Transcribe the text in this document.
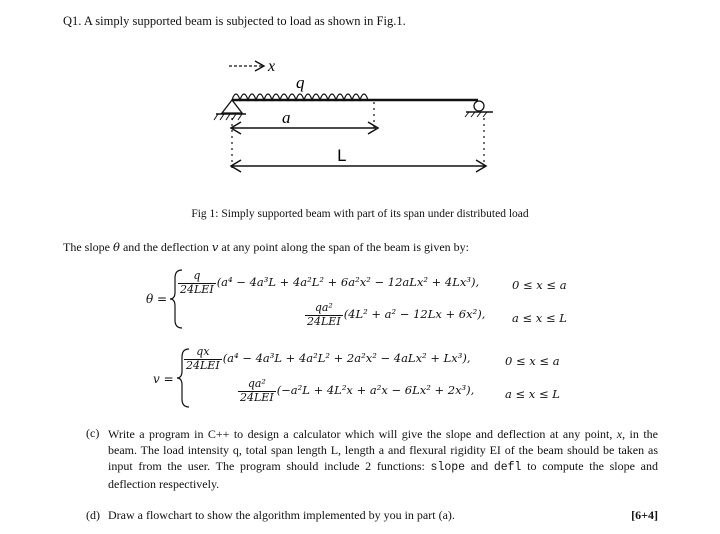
Q1. A simply supported beam is subjected to load as shown in Fig.1.
x
q
a
L
Fig 1: Simply supported beam with part of its span under distributed load
The slope θ and the deflection v at any point along the span of the beam is given by:
θ =
$\frac{q}{\text{24LEI}} (a^4 - 4a^3L + 4a^2L^2 + 6a^2x^2 - 12aLx^2 + 4Lx^3)$,	0 ≤ x ≤ a
$\frac{\text{qa²}}{\text{24LEI}} (4L^2 + a^2 - 12Lx + 6x^2)$, a ≤ x ≤ L
v =
$\frac{qx}{\text{24LEI}} (a^4 - 4a^3L + 4a^2L^2 + 2a^2x^2 - 4aLx^2 + Lx^3)$,	0 ≤ x ≤ a
$\frac{\text{qa²}}{\text{24LEI}} (-a^2L + 4L^2x + a^2x - 6Lx^2 + 2x^3)$,	a ≤ x ≤ L
(c) Write a program in C++ to design a calculator which will give the slope and deflection at any point, x, in the beam. The load intensity q, total span length L, length a and flexural rigidity EI of the beam should be taken as input from the user. The program should include 2 functions: slope and defl to compute the slope and deflection respectively.
(d) Draw a flowchart to show the algorithm implemented by you in part (a).	[6+4]
